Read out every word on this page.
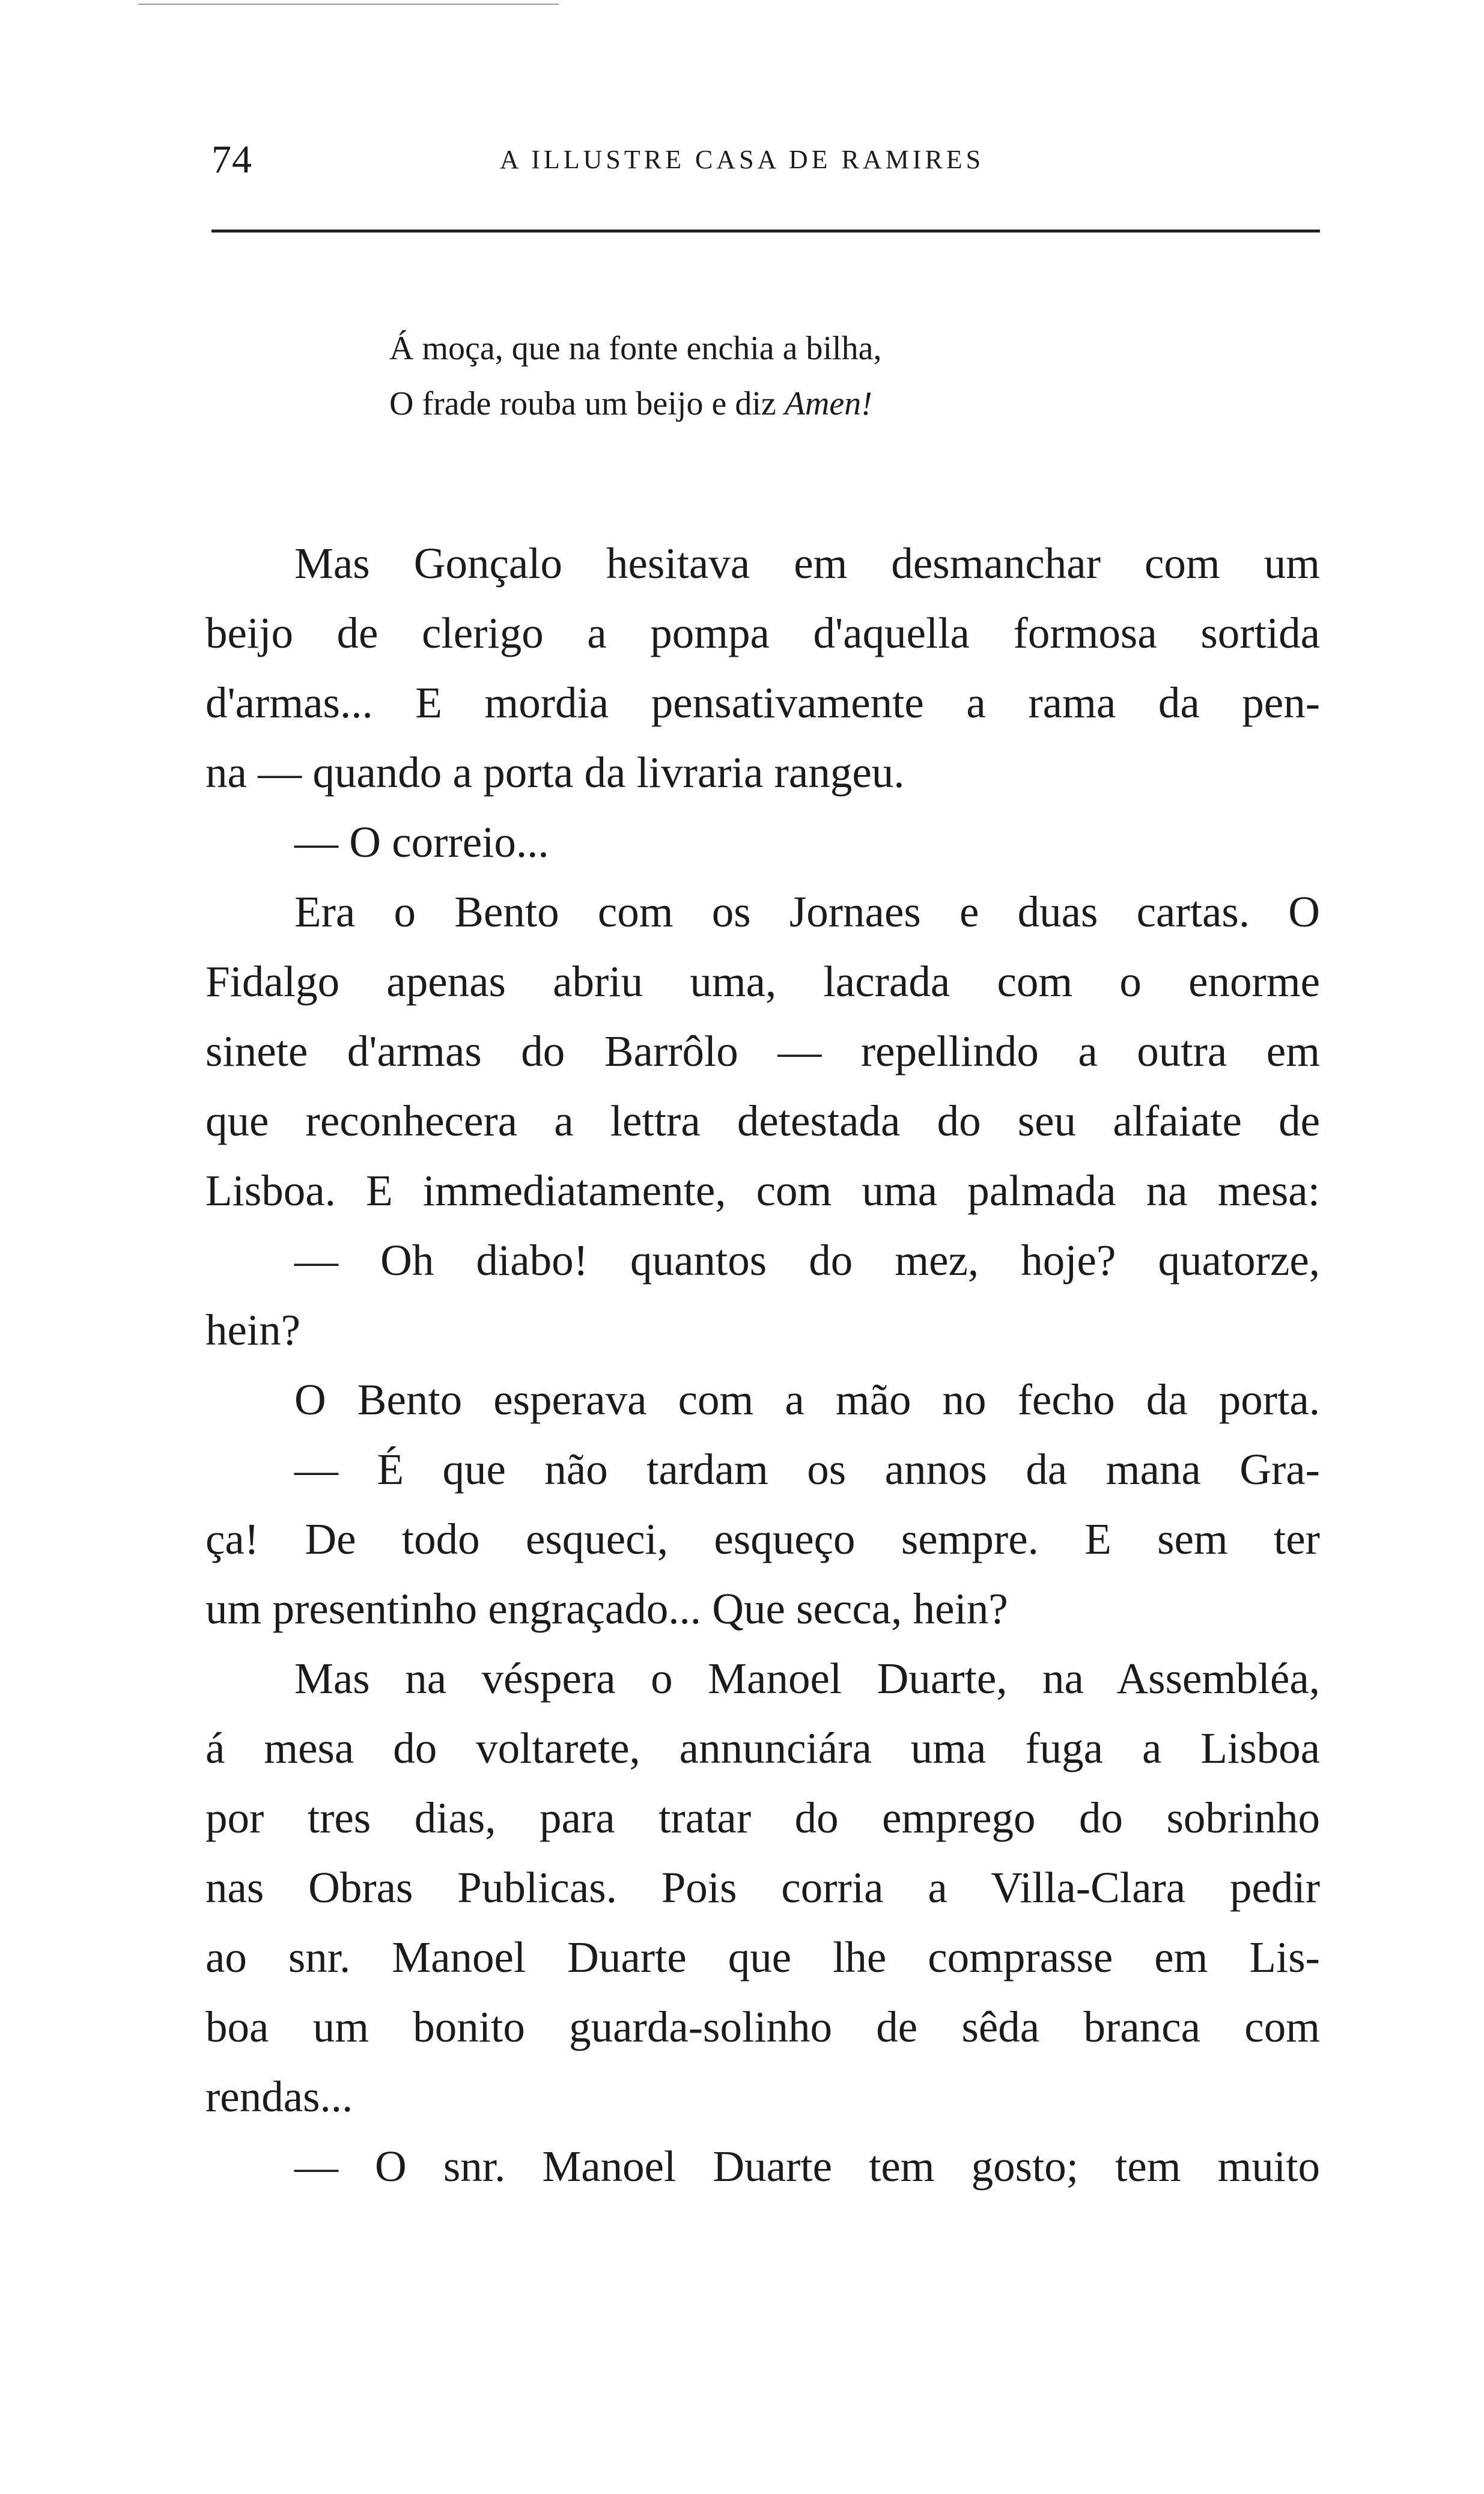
74	A ILLUSTRE CASA DE RAMIRES
Á moça, que na fonte enchia a bilha,
O frade rouba um beijo e diz Amen!
Mas Gonçalo hesitava em desmanchar com um
beijo de clerigo a pompa d'aquella formosa sortida
d'armas... E mordia pensativamente a rama da pen-
na — quando a porta da livraria rangeu.
— O correio...
Era o Bento com os Jornaes e duas cartas. O
Fidalgo apenas abriu uma, lacrada com o enorme
sinete d'armas do Barrôlo — repellindo a outra em
que reconhecera a lettra detestada do seu alfaiate de
Lisboa. E immediatamente, com uma palmada na mesa:
— Oh diabo! quantos do mez, hoje? quatorze,
hein?
O Bento esperava com a mão no fecho da porta.
— É que não tardam os annos da mana Gra-
ça! De todo esqueci, esqueço sempre. E sem ter
um presentinho engraçado... Que secca, hein?
Mas na véspera o Manoel Duarte, na Assembléa,
á mesa do voltarete, annunciára uma fuga a Lisboa
por tres dias, para tratar do emprego do sobrinho
nas Obras Publicas. Pois corria a Villa-Clara pedir
ao snr. Manoel Duarte que lhe comprasse em Lis-
boa um bonito guarda-solinho de sêda branca com
rendas...
— O snr. Manoel Duarte tem gosto; tem muito
